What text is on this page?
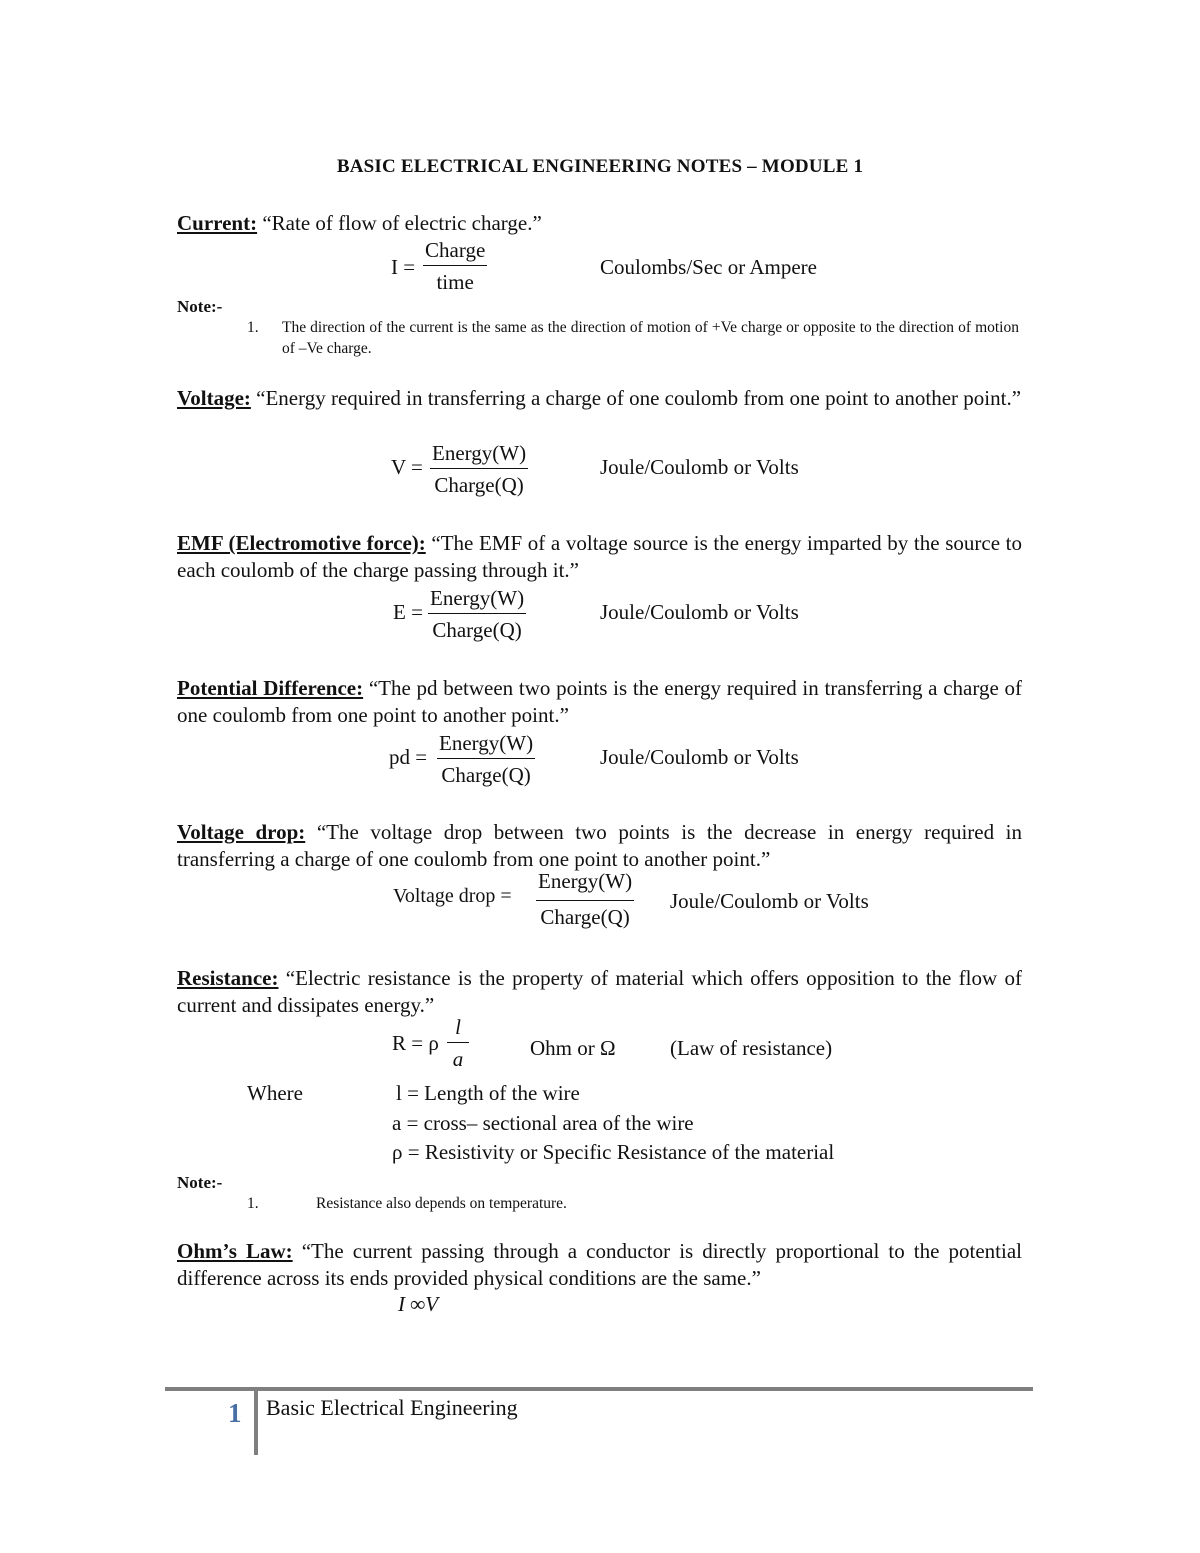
BASIC ELECTRICAL ENGINEERING NOTES – MODULE 1
Current: “Rate of flow of electric charge.”
I =
Charge
time
Coulombs/Sec or Ampere
Note:-
1. The direction of the current is the same as the direction of motion of +Ve charge or opposite to the direction of motion of –Ve charge.
Voltage: “Energy required in transferring a charge of one coulomb from one point to another point.”
V =
Energy(W)
Charge(Q)
Joule/Coulomb or Volts
EMF (Electromotive force): “The EMF of a voltage source is the energy imparted by the source to each coulomb of the charge passing through it.”
E =
Energy(W)
Charge(Q)
Joule/Coulomb or Volts
Potential Difference: “The pd between two points is the energy required in transferring a charge of one coulomb from one point to another point.”
pd =
Energy(W)
Charge(Q)
Joule/Coulomb or Volts
Voltage drop: “The voltage drop between two points is the decrease in energy required in transferring a charge of one coulomb from one point to another point.”
Voltage drop =
Energy(W)
Charge(Q)
Joule/Coulomb or Volts
Resistance: “Electric resistance is the property of material which offers opposition to the flow of current and dissipates energy.”
R = ρ $\frac{l}{a}$	Ohm or Ω	(Law of resistance)
Where	l = Length of the wire
a = cross– sectional area of the wire
ρ = Resistivity or Specific Resistance of the material
Note:-
1.	Resistance also depends on temperature.
Ohm’s Law: “The current passing through a conductor is directly proportional to the potential difference across its ends provided physical conditions are the same.”
I ∞V
1 Basic Electrical Engineering
